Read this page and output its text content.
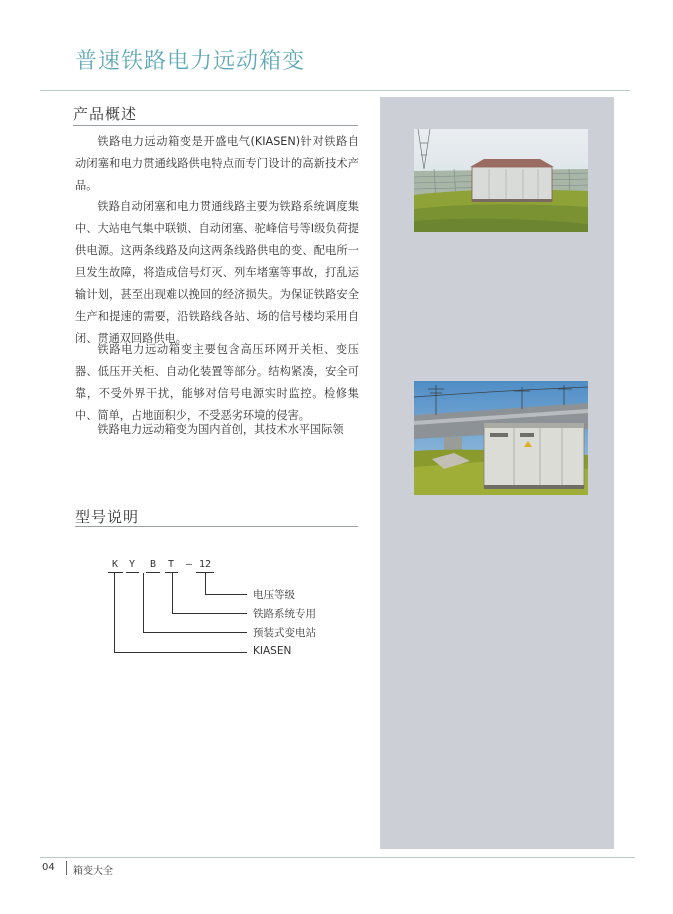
普速铁路电力远动箱变
产品概述

铁路电力远动箱变是开盛电气(KIASEN)针对铁路自动闭塞和电力贯通线路供电特点而专门设计的高新技术产品。

铁路自动闭塞和电力贯通线路主要为铁路系统调度集中、大站电气集中联锁、自动闭塞、驼峰信号等Ⅰ级负荷提供电源。这两条线路及向这两条线路供电的变、配电所一旦发生故障，将造成信号灯灭、列车堵塞等事故，打乱运输计划，甚至出现难以挽回的经济损失。为保证铁路安全生产和提速的需要，沿铁路线各站、场的信号楼均采用自闭、贯通双回路供电。

铁路电力远动箱变主要包含高压环网开关柜、变压器、低压开关柜、自动化装置等部分。结构紧凑，安全可靠，不受外界干扰，能够对信号电源实时监控。检修集中、简单，占地面积少，不受恶劣环境的侵害。

铁路电力远动箱变为国内首创，其技术水平国际领

型号说明
K Y B T – 12
电压等级
铁路系统专用
预装式变电站
KIASEN
04 箱变大全
